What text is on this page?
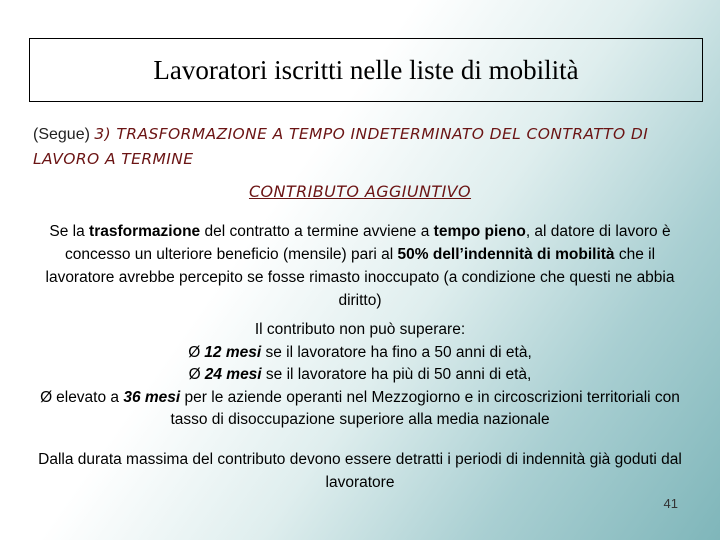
Lavoratori iscritti nelle liste di mobilità
(Segue) 3) TRASFORMAZIONE A TEMPO INDETERMINATO DEL CONTRATTO DI LAVORO A TERMINE
CONTRIBUTO AGGIUNTIVO
Se la trasformazione del contratto a termine avviene a tempo pieno, al datore di lavoro è concesso un ulteriore beneficio (mensile) pari al 50% dell’indennità di mobilità che il lavoratore avrebbe percepito se fosse rimasto inoccupato (a condizione che questi ne abbia diritto)
Il contributo non può superare:
Ø 12 mesi se il lavoratore ha fino a 50 anni di età,
Ø 24 mesi se il lavoratore ha più di 50 anni di età,
Ø elevato a 36 mesi per le aziende operanti nel Mezzogiorno e in circoscrizioni territoriali con tasso di disoccupazione superiore alla media nazionale
Dalla durata massima del contributo devono essere detratti i periodi di indennità già goduti dal lavoratore
41
